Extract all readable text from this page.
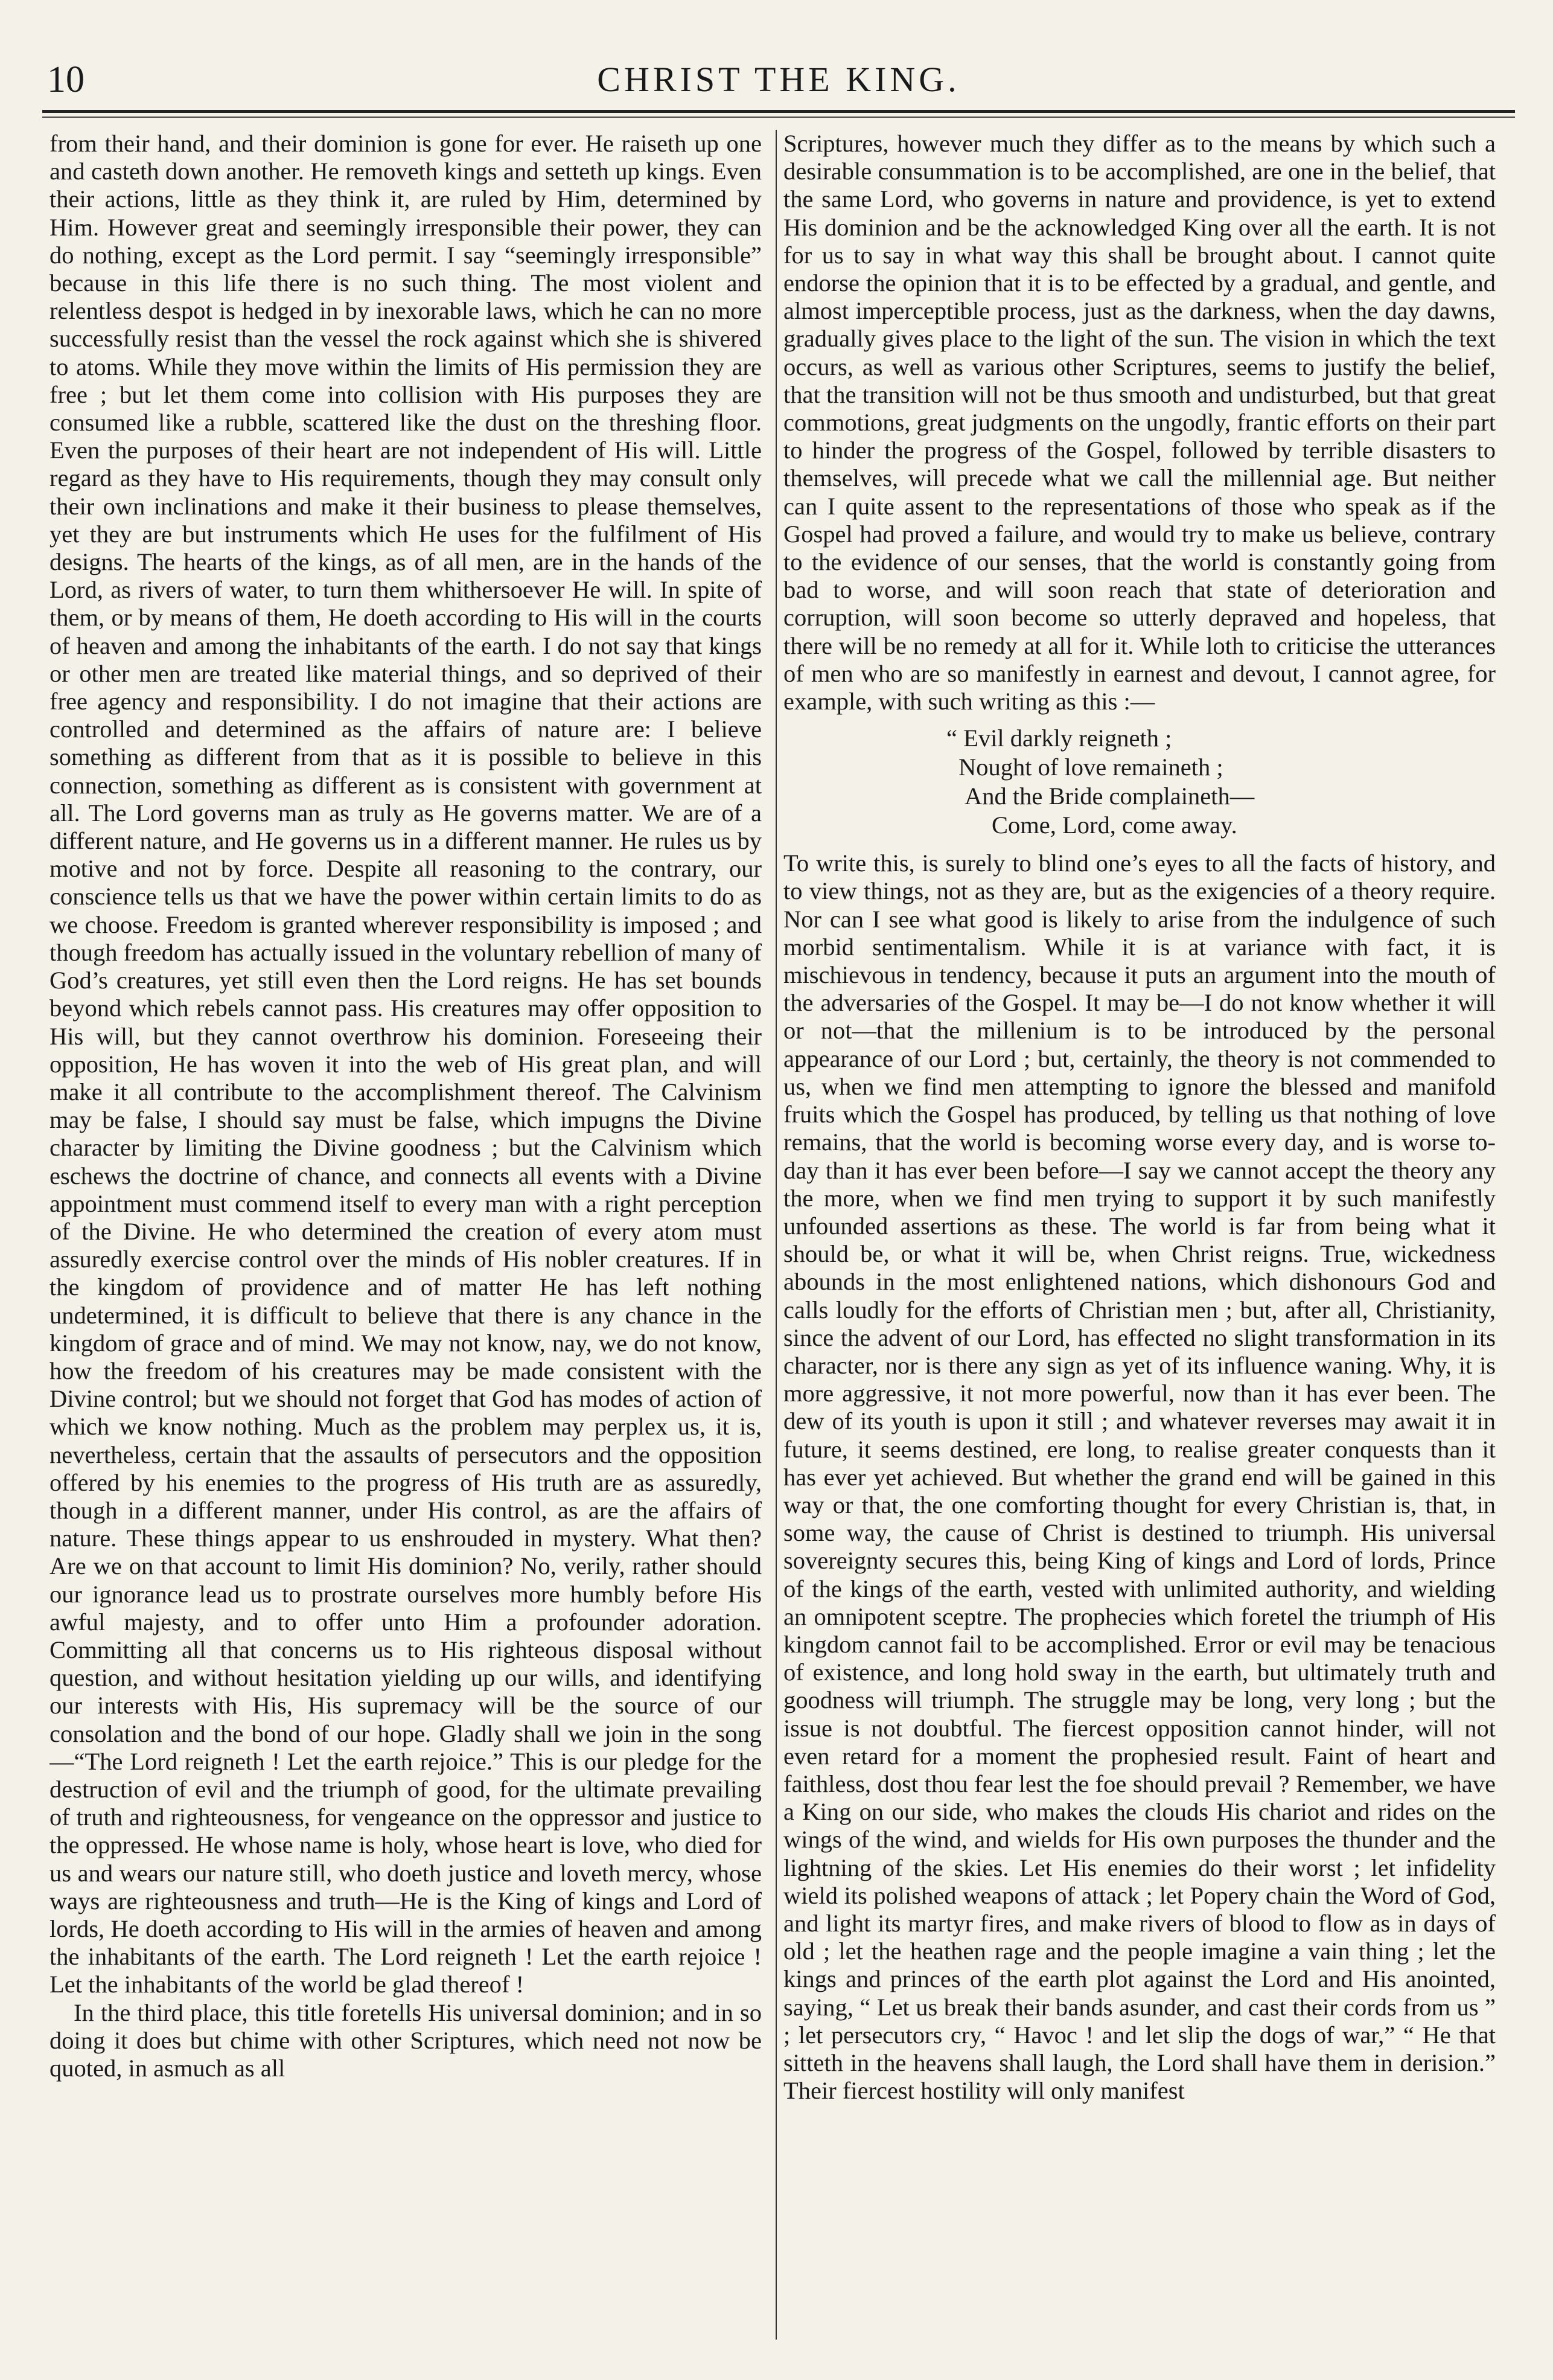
10	CHRIST THE KING.

from their hand, and their dominion is gone for ever. He raiseth up one and casteth down another. He removeth kings and setteth up kings. Even their actions, little as they think it, are ruled by Him, determined by Him. However great and seemingly irresponsible their power, they can do nothing, except as the Lord permit. I say “seemingly irresponsible” because in this life there is no such thing. The most violent and relentless despot is hedged in by inexorable laws, which he can no more successfully resist than the vessel the rock against which she is shivered to atoms. While they move within the limits of His permission they are free ; but let them come into collision with His purposes they are consumed like a rubble, scattered like the dust on the threshing floor. Even the purposes of their heart are not independent of His will. Little regard as they have to His requirements, though they may consult only their own inclinations and make it their business to please themselves, yet they are but instruments which He uses for the fulfilment of His designs. The hearts of the kings, as of all men, are in the hands of the Lord, as rivers of water, to turn them whithersoever He will. In spite of them, or by means of them, He doeth according to His will in the courts of heaven and among the inhabitants of the earth. I do not say that kings or other men are treated like material things, and so deprived of their free agency and responsibility. I do not imagine that their actions are controlled and determined as the affairs of nature are: I believe something as different from that as it is possible to believe in this connection, something as different as is consistent with government at all. The Lord governs man as truly as He governs matter. We are of a different nature, and He governs us in a different manner. He rules us by motive and not by force. Despite all reasoning to the contrary, our conscience tells us that we have the power within certain limits to do as we choose. Freedom is granted wherever responsibility is imposed ; and though freedom has actually issued in the voluntary rebellion of many of God’s creatures, yet still even then the Lord reigns. He has set bounds beyond which rebels cannot pass. His creatures may offer opposition to His will, but they cannot overthrow his dominion. Foreseeing their opposition, He has woven it into the web of His great plan, and will make it all contribute to the accomplishment thereof. The Calvinism may be false, I should say must be false, which impugns the Divine character by limiting the Divine goodness ; but the Calvinism which eschews the doctrine of chance, and connects all events with a Divine appointment must commend itself to every man with a right perception of the Divine. He who determined the creation of every atom must assuredly exercise control over the minds of His nobler creatures. If in the kingdom of providence and of matter He has left nothing undetermined, it is difficult to believe that there is any chance in the kingdom of grace and of mind. We may not know, nay, we do not know, how the freedom of his creatures may be made consistent with the Divine control; but we should not forget that God has modes of action of which we know nothing. Much as the problem may perplex us, it is, nevertheless, certain that the assaults of persecutors and the opposition offered by his enemies to the progress of His truth are as assuredly, though in a different manner, under His control, as are the affairs of nature. These things appear to us enshrouded in mystery. What then? Are we on that account to limit His dominion? No, verily, rather should our ignorance lead us to prostrate ourselves more humbly before His awful majesty, and to offer unto Him a profounder adoration. Committing all that concerns us to His righteous disposal without question, and without hesitation yielding up our wills, and identifying our interests with His, His supremacy will be the source of our consolation and the bond of our hope. Gladly shall we join in the song—“The Lord reigneth ! Let the earth rejoice.” This is our pledge for the destruction of evil and the triumph of good, for the ultimate prevailing of truth and righteousness, for vengeance on the oppressor and justice to the oppressed. He whose name is holy, whose heart is love, who died for us and wears our nature still, who doeth justice and loveth mercy, whose ways are righteousness and truth—He is the King of kings and Lord of lords, He doeth according to His will in the armies of heaven and among the inhabitants of the earth. The Lord reigneth ! Let the earth rejoice ! Let the inhabitants of the world be glad thereof !

In the third place, this title foretells His universal dominion; and in so doing it does but chime with other Scriptures, which need not now be quoted, in asmuch as all

Scriptures, however much they differ as to the means by which such a desirable consummation is to be accomplished, are one in the belief, that the same Lord, who governs in nature and providence, is yet to extend His dominion and be the acknowledged King over all the earth. It is not for us to say in what way this shall be brought about. I cannot quite endorse the opinion that it is to be effected by a gradual, and gentle, and almost imperceptible process, just as the darkness, when the day dawns, gradually gives place to the light of the sun. The vision in which the text occurs, as well as various other Scriptures, seems to justify the belief, that the transition will not be thus smooth and undisturbed, but that great commotions, great judgments on the ungodly, frantic efforts on their part to hinder the progress of the Gospel, followed by terrible disasters to themselves, will precede what we call the millennial age. But neither can I quite assent to the representations of those who speak as if the Gospel had proved a failure, and would try to make us believe, contrary to the evidence of our senses, that the world is constantly going from bad to worse, and will soon reach that state of deterioration and corruption, will soon become so utterly depraved and hopeless, that there will be no remedy at all for it. While loth to criticise the utterances of men who are so manifestly in earnest and devout, I cannot agree, for example, with such writing as this :—

“ Evil darkly reigneth ;
Nought of love remaineth ;
And the Bride complaineth—
Come, Lord, come away.

To write this, is surely to blind one’s eyes to all the facts of history, and to view things, not as they are, but as the exigencies of a theory require. Nor can I see what good is likely to arise from the indulgence of such morbid sentimentalism. While it is at variance with fact, it is mischievous in tendency, because it puts an argument into the mouth of the adversaries of the Gospel. It may be—I do not know whether it will or not—that the millenium is to be introduced by the personal appearance of our Lord ; but, certainly, the theory is not commended to us, when we find men attempting to ignore the blessed and manifold fruits which the Gospel has produced, by telling us that nothing of love remains, that the world is becoming worse every day, and is worse to-day than it has ever been before—I say we cannot accept the theory any the more, when we find men trying to support it by such manifestly unfounded assertions as these. The world is far from being what it should be, or what it will be, when Christ reigns. True, wickedness abounds in the most enlightened nations, which dishonours God and calls loudly for the efforts of Christian men ; but, after all, Christianity, since the advent of our Lord, has effected no slight transformation in its character, nor is there any sign as yet of its influence waning. Why, it is more aggressive, it not more powerful, now than it has ever been. The dew of its youth is upon it still ; and whatever reverses may await it in future, it seems destined, ere long, to realise greater conquests than it has ever yet achieved. But whether the grand end will be gained in this way or that, the one comforting thought for every Christian is, that, in some way, the cause of Christ is destined to triumph. His universal sovereignty secures this, being King of kings and Lord of lords, Prince of the kings of the earth, vested with unlimited authority, and wielding an omnipotent sceptre. The prophecies which foretel the triumph of His kingdom cannot fail to be accomplished. Error or evil may be tenacious of existence, and long hold sway in the earth, but ultimately truth and goodness will triumph. The struggle may be long, very long ; but the issue is not doubtful. The fiercest opposition cannot hinder, will not even retard for a moment the prophesied result. Faint of heart and faithless, dost thou fear lest the foe should prevail ? Remember, we have a King on our side, who makes the clouds His chariot and rides on the wings of the wind, and wields for His own purposes the thunder and the lightning of the skies. Let His enemies do their worst ; let infidelity wield its polished weapons of attack ; let Popery chain the Word of God, and light its martyr fires, and make rivers of blood to flow as in days of old ; let the heathen rage and the people imagine a vain thing ; let the kings and princes of the earth plot against the Lord and His anointed, saying, “ Let us break their bands asunder, and cast their cords from us ” ; let persecutors cry, “ Havoc ! and let slip the dogs of war,” “ He that sitteth in the heavens shall laugh, the Lord shall have them in derision.” Their fiercest hostility will only manifest
